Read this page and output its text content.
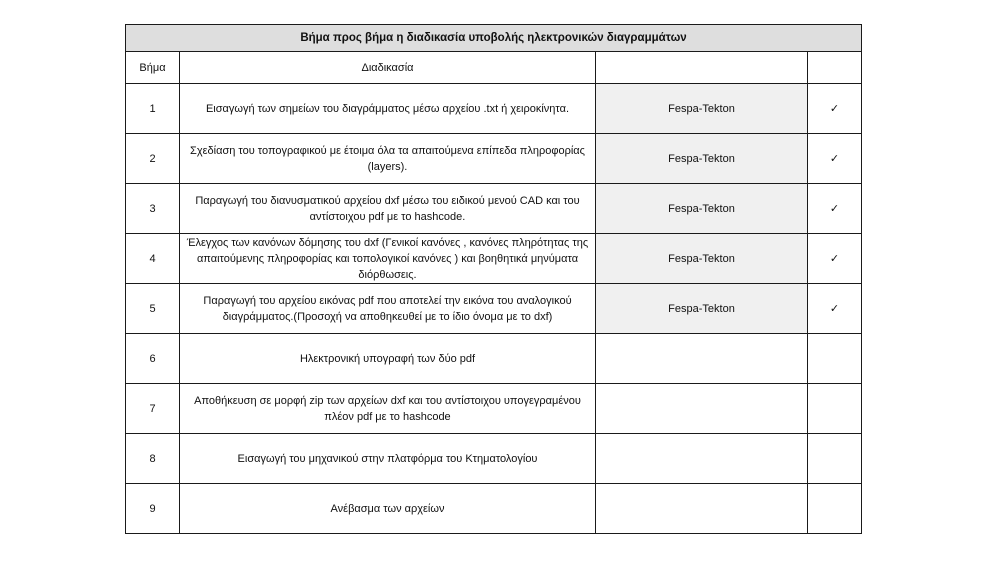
Βήμα προς βήμα η διαδικασία υποβολής ηλεκτρονικών διαγραμμάτων			
Βήμα	Διαδικασία		
1	Εισαγωγή των σημείων του διαγράμματος μέσω αρχείου .txt ή χειροκίνητα.	Fespa-Tekton	✓
2	Σχεδίαση του τοπογραφικού με έτοιμα όλα τα απαιτούμενα επίπεδα πληροφορίας (layers).	Fespa-Tekton	✓
3	Παραγωγή του διανυσματικού αρχείου dxf μέσω του ειδικού μενού CAD και του αντίστοιχου pdf με το hashcode.	Fespa-Tekton	✓
4	Έλεγχος των κανόνων δόμησης του dxf (Γενικοί κανόνες , κανόνες πληρότητας της απαιτούμενης πληροφορίας και τοπολογικοί κανόνες ) και βοηθητικά μηνύματα διόρθωσεις.	Fespa-Tekton	✓
5	Παραγωγή του αρχείου εικόνας pdf που αποτελεί την εικόνα του αναλογικού διαγράμματος.(Προσοχή να αποθηκευθεί με το ίδιο όνομα με το dxf)	Fespa-Tekton	✓
6	Ηλεκτρονική υπογραφή των δύο pdf		
7	Αποθήκευση σε μορφή zip των αρχείων dxf και του αντίστοιχου υπογεγραμένου πλέον pdf με το hashcode		
8	Εισαγωγή του μηχανικού στην πλατφόρμα του Κτηματολογίου		
9	Ανέβασμα των αρχείων		
